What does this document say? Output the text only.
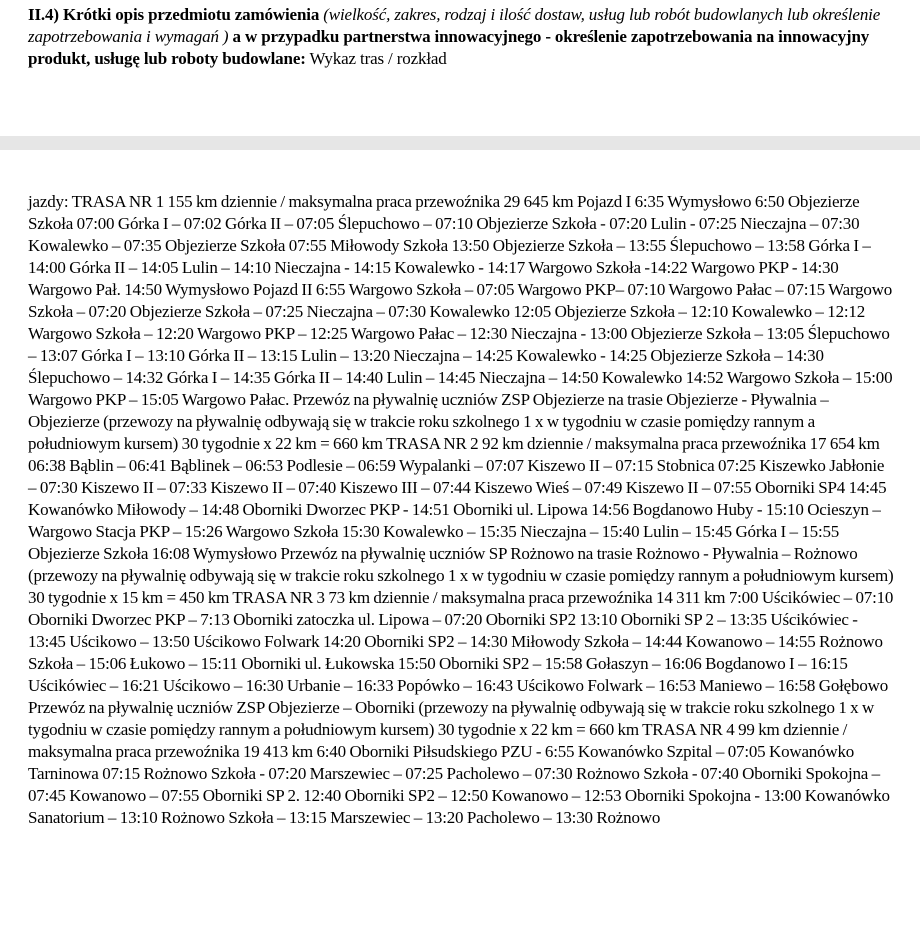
II.4) Krótki opis przedmiotu zamówienia (wielkość, zakres, rodzaj i ilość dostaw, usług lub robót budowlanych lub określenie zapotrzebowania i wymagań ) a w przypadku partnerstwa innowacyjnego - określenie zapotrzebowania na innowacyjny produkt, usługę lub roboty budowlane: Wykaz tras / rozkład

jazdy: TRASA NR 1 155 km dziennie / maksymalna praca przewoźnika 29 645 km Pojazd I 6:35 Wymysłowo 6:50 Objezierze Szkoła 07:00 Górka I – 07:02 Górka II – 07:05 Ślepuchowo – 07:10 Objezierze Szkoła - 07:20 Lulin - 07:25 Nieczajna – 07:30 Kowalewko – 07:35 Objezierze Szkoła 07:55 Miłowody Szkoła 13:50 Objezierze Szkoła – 13:55 Ślepuchowo – 13:58 Górka I – 14:00 Górka II – 14:05 Lulin – 14:10 Nieczajna - 14:15 Kowalewko - 14:17 Wargowo Szkoła -14:22 Wargowo PKP - 14:30 Wargowo Pał. 14:50 Wymysłowo Pojazd II 6:55 Wargowo Szkoła – 07:05 Wargowo PKP– 07:10 Wargowo Pałac – 07:15 Wargowo Szkoła – 07:20 Objezierze Szkoła – 07:25 Nieczajna – 07:30 Kowalewko 12:05 Objezierze Szkoła – 12:10 Kowalewko – 12:12 Wargowo Szkoła – 12:20 Wargowo PKP – 12:25 Wargowo Pałac – 12:30 Nieczajna - 13:00 Objezierze Szkoła – 13:05 Ślepuchowo – 13:07 Górka I – 13:10 Górka II – 13:15 Lulin – 13:20 Nieczajna – 14:25 Kowalewko - 14:25 Objezierze Szkoła – 14:30 Ślepuchowo – 14:32 Górka I – 14:35 Górka II – 14:40 Lulin – 14:45 Nieczajna – 14:50 Kowalewko 14:52 Wargowo Szkoła – 15:00 Wargowo PKP – 15:05 Wargowo Pałac. Przewóz na pływalnię uczniów ZSP Objezierze na trasie Objezierze - Pływalnia – Objezierze (przewozy na pływalnię odbywają się w trakcie roku szkolnego 1 x w tygodniu w czasie pomiędzy rannym a południowym kursem) 30 tygodnie x 22 km = 660 km TRASA NR 2 92 km dziennie / maksymalna praca przewoźnika 17 654 km 06:38 Bąblin – 06:41 Bąblinek – 06:53 Podlesie – 06:59 Wypalanki – 07:07 Kiszewo II – 07:15 Stobnica 07:25 Kiszewko Jabłonie – 07:30 Kiszewo II – 07:33 Kiszewo II – 07:40 Kiszewo III – 07:44 Kiszewo Wieś – 07:49 Kiszewo II – 07:55 Oborniki SP4 14:45 Kowanówko Miłowody – 14:48 Oborniki Dworzec PKP - 14:51 Oborniki ul. Lipowa 14:56 Bogdanowo Huby - 15:10 Ocieszyn – Wargowo Stacja PKP – 15:26 Wargowo Szkoła 15:30 Kowalewko – 15:35 Nieczajna – 15:40 Lulin – 15:45 Górka I – 15:55 Objezierze Szkoła 16:08 Wymysłowo Przewóz na pływalnię uczniów SP Rożnowo na trasie Rożnowo - Pływalnia – Rożnowo (przewozy na pływalnię odbywają się w trakcie roku szkolnego 1 x w tygodniu w czasie pomiędzy rannym a południowym kursem) 30 tygodnie x 15 km = 450 km TRASA NR 3 73 km dziennie / maksymalna praca przewoźnika 14 311 km 7:00 Uścikówiec – 07:10 Oborniki Dworzec PKP – 7:13 Oborniki zatoczka ul. Lipowa – 07:20 Oborniki SP2 13:10 Oborniki SP 2 – 13:35 Uścikówiec - 13:45 Uścikowo – 13:50 Uścikowo Folwark 14:20 Oborniki SP2 – 14:30 Miłowody Szkoła – 14:44 Kowanowo – 14:55 Rożnowo Szkoła – 15:06 Łukowo – 15:11 Oborniki ul. Łukowska 15:50 Oborniki SP2 – 15:58 Gołaszyn – 16:06 Bogdanowo I – 16:15 Uścikówiec – 16:21 Uścikowo – 16:30 Urbanie – 16:33 Popówko – 16:43 Uścikowo Folwark – 16:53 Maniewo – 16:58 Gołębowo Przewóz na pływalnię uczniów ZSP Objezierze – Oborniki (przewozy na pływalnię odbywają się w trakcie roku szkolnego 1 x w tygodniu w czasie pomiędzy rannym a południowym kursem) 30 tygodnie x 22 km = 660 km TRASA NR 4 99 km dziennie / maksymalna praca przewoźnika 19 413 km 6:40 Oborniki Piłsudskiego PZU - 6:55 Kowanówko Szpital – 07:05 Kowanówko Tarninowa 07:15 Rożnowo Szkoła - 07:20 Marszewiec – 07:25 Pacholewo – 07:30 Rożnowo Szkoła - 07:40 Oborniki Spokojna – 07:45 Kowanowo – 07:55 Oborniki SP 2. 12:40 Oborniki SP2 – 12:50 Kowanowo – 12:53 Oborniki Spokojna - 13:00 Kowanówko Sanatorium – 13:10 Rożnowo Szkoła – 13:15 Marszewiec – 13:20 Pacholewo – 13:30 Rożnowo
